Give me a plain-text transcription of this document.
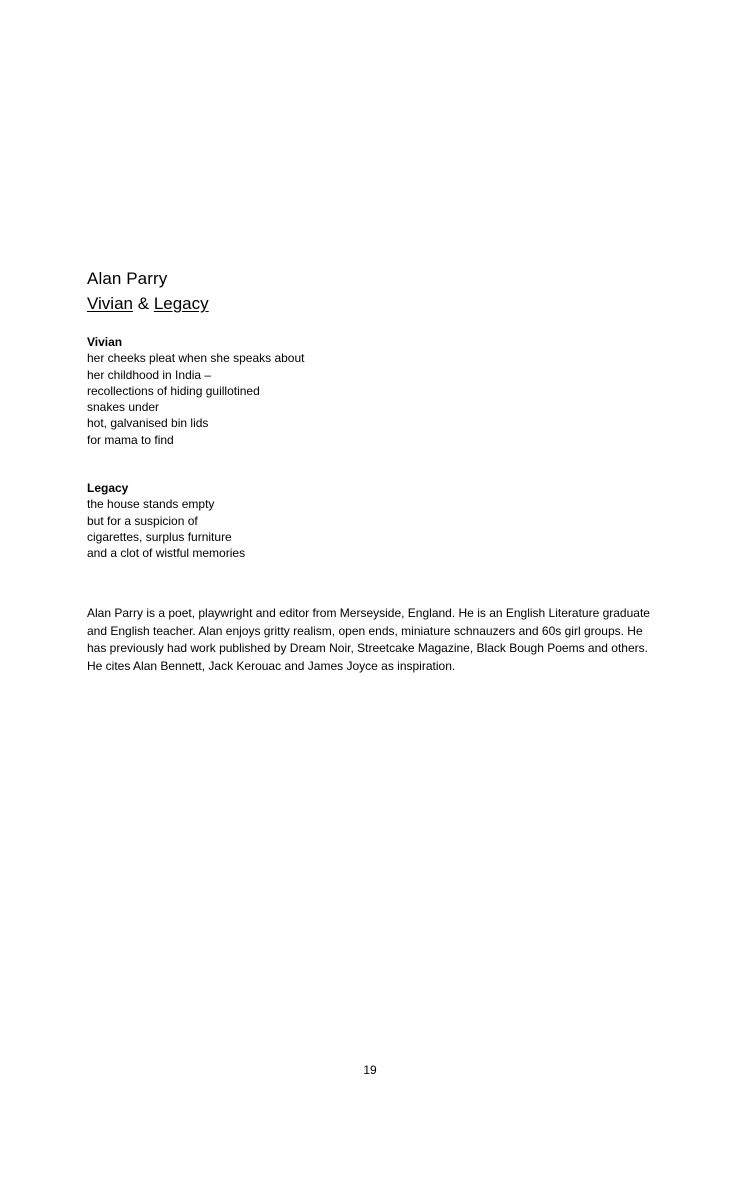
Alan Parry
Vivian & Legacy
Vivian
her cheeks pleat when she speaks about
her childhood in India –
recollections of hiding guillotined
snakes under
hot, galvanised bin lids
for mama to find
Legacy
the house stands empty
but for a suspicion of
cigarettes, surplus furniture
and a clot of wistful memories

Alan Parry is a poet, playwright and editor from Merseyside, England. He is an English Literature graduate and English teacher. Alan enjoys gritty realism, open ends, miniature schnauzers and 60s girl groups. He has previously had work published by Dream Noir, Streetcake Magazine, Black Bough Poems and others. He cites Alan Bennett, Jack Kerouac and James Joyce as inspiration.

19
